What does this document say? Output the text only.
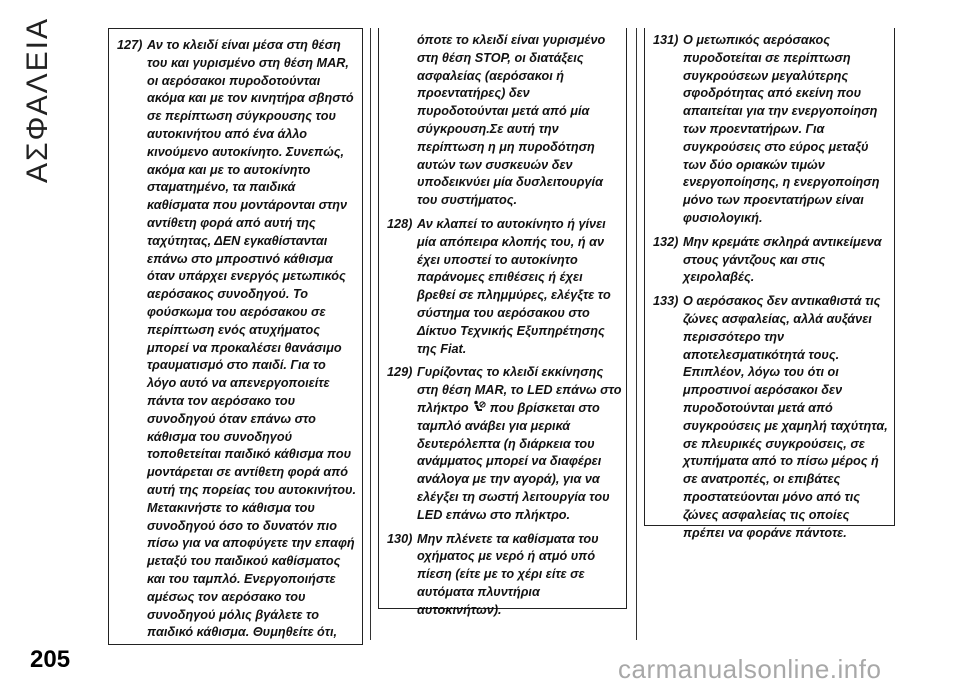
ΑΣΦΑΛΕΙΑ	127) Αν το κλειδί είναι μέσα στη θέση του και γυρισμένο στη θέση MAR, οι αερόσακοι πυροδοτούνται ακόμα και με τον κινητήρα σβηστό σε περίπτωση σύγκρουσης του αυτοκινήτου από ένα άλλο κινούμενο αυτοκίνητο. Συνεπώς, ακόμα και με το αυτοκίνητο σταματημένο, τα παιδικά καθίσματα που μοντάρονται στην αντίθετη φορά από αυτή της ταχύτητας, ΔΕΝ εγκαθίστανται επάνω στο μπροστινό κάθισμα όταν υπάρχει ενεργός μετωπικός αερόσακος συνοδηγού. Το φούσκωμα του αερόσακου σε περίπτωση ενός ατυχήματος μπορεί να προκαλέσει θανάσιμο τραυματισμό στο παιδί. Για το λόγο αυτό να απενεργοποιείτε πάντα τον αερόσακο του συνοδηγού όταν επάνω στο κάθισμα του συνοδηγού τοποθετείται παιδικό κάθισμα που μοντάρεται σε αντίθετη φορά από αυτή της πορείας του αυτοκινήτου. Μετακινήστε το κάθισμα του συνοδηγού όσο το δυνατόν πιο πίσω για να αποφύγετε την επαφή μεταξύ του παιδικού καθίσματος και του ταμπλό. Ενεργοποιήστε αμέσως τον αερόσακο του συνοδηγού μόλις βγάλετε το παιδικό κάθισμα. Θυμηθείτε ότι,
όποτε το κλειδί είναι γυρισμένο στη θέση STOP, οι διατάξεις ασφαλείας (αερόσακοι ή προεντατήρες) δεν πυροδοτούνται μετά από μία σύγκρουση.Σε αυτή την περίπτωση η μη πυροδότηση αυτών των συσκευών δεν υποδεικνύει μία δυσλειτουργία του συστήματος.
128) Αν κλαπεί το αυτοκίνητο ή γίνει μία απόπειρα κλοπής του, ή αν έχει υποστεί το αυτοκίνητο παράνομες επιθέσεις ή έχει βρεθεί σε πλημμύρες, ελέγξτε το σύστημα του αερόσακου στο Δίκτυο Τεχνικής Εξυπηρέτησης της Fiat.
129) Γυρίζοντας το κλειδί εκκίνησης στη θέση MAR, το LED επάνω στο πλήκτρο που βρίσκεται στο ταμπλό ανάβει για μερικά δευτερόλεπτα (η διάρκεια του ανάμματος μπορεί να διαφέρει ανάλογα με την αγορά), για να ελέγξει τη σωστή λειτουργία του LED επάνω στο πλήκτρο.
130) Μην πλένετε τα καθίσματα του οχήματος με νερό ή ατμό υπό πίεση (είτε με το χέρι είτε σε αυτόματα πλυντήρια αυτοκινήτων).
131) Ο μετωπικός αερόσακος πυροδοτείται σε περίπτωση συγκρούσεων μεγαλύτερης σφοδρότητας από εκείνη που απαιτείται για την ενεργοποίηση των προεντατήρων. Για συγκρούσεις στο εύρος μεταξύ των δύο οριακών τιμών ενεργοποίησης, η ενεργοποίηση μόνο των προεντατήρων είναι φυσιολογική.
132) Μην κρεμάτε σκληρά αντικείμενα στους γάντζους και στις χειρολαβές.
133) Ο αερόσακος δεν αντικαθιστά τις ζώνες ασφαλείας, αλλά αυξάνει περισσότερο την αποτελεσματικότητά τους. Επιπλέον, λόγω του ότι οι μπροστινοί αερόσακοι δεν πυροδοτούνται μετά από συγκρούσεις με χαμηλή ταχύτητα, σε πλευρικές συγκρούσεις, σε χτυπήματα από το πίσω μέρος ή σε ανατροπές, οι επιβάτες προστατεύονται μόνο από τις ζώνες ασφαλείας τις οποίες πρέπει να φοράνε πάντοτε.
205	carmanualsonline.info
